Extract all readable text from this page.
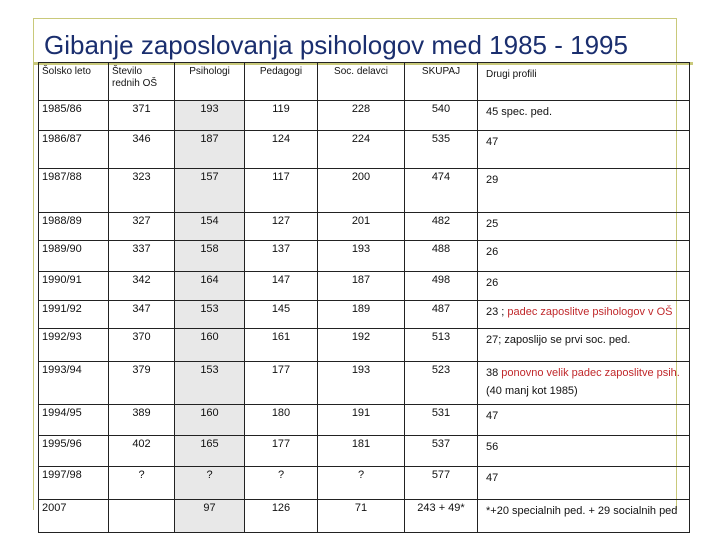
Gibanje zaposlovanja psihologov med 1985 - 1995
Šolsko leto	Število rednih OŠ	Psihologi	Pedagogi	Soc. delavci	SKUPAJ	Drugi profili
1985/86	371	193	119	228	540	45 spec. ped.
1986/87	346	187	124	224	535	47
1987/88	323	157	117	200	474	29
1988/89	327	154	127	201	482	25
1989/90	337	158	137	193	488	26
1990/91	342	164	147	187	498	26
1991/92	347	153	145	189	487	23 ; padec zaposlitve psihologov v OŠ
1992/93	370	160	161	192	513	27; zaposlijo se prvi soc. ped.
1993/94	379	153	177	193	523	38 ponovno velik padec zaposlitve psih.
(40 manj kot 1985)
1994/95	389	160	180	191	531	47
1995/96	402	165	177	181	537	56
1997/98	?	?	?	?	577	47
2007		97	126	71	243 + 49*	*+20 specialnih ped. + 29 socialnih ped
